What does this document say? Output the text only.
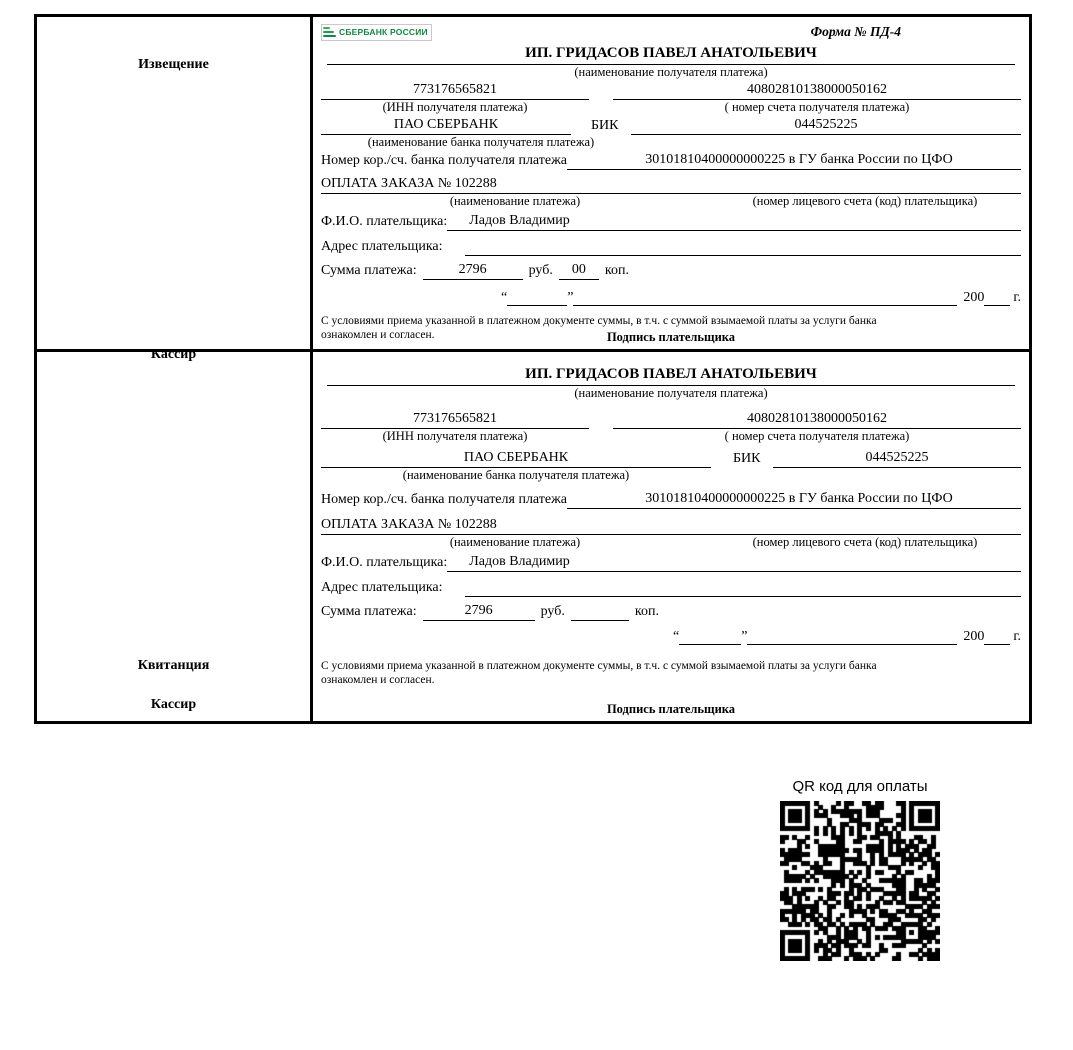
Извещение
Кассир
СБЕРБАНК РОССИИ	Форма № ПД-4
ИП. ГРИДАСОВ ПАВЕЛ АНАТОЛЬЕВИЧ
(наименование получателя платежа)
773176565821	40802810138000050162
(ИНН получателя платежа)	( номер счета получателя платежа)
ПАО СБЕРБАНК	БИК	044525225
(наименование банка получателя платежа)
Номер кор./сч. банка получателя платежа	30101810400000000225 в ГУ банка России по ЦФО
ОПЛАТА ЗАКАЗА № 102288

(наименование платежа)	(номер лицевого счета (код) плательщика)
Ф.И.О. плательщика:	Ладов Владимир
Адрес плательщика:
Сумма платежа:	2796	руб.	00	коп.
“	”	200 г.
С условиями приема указанной в платежном документе суммы, в т.ч. с суммой взымаемой платы за услуги банка
ознакомлен и согласен.	Подпись плательщика
Квитанция
Кассир
ИП. ГРИДАСОВ ПАВЕЛ АНАТОЛЬЕВИЧ
(наименование получателя платежа)
773176565821	40802810138000050162
(ИНН получателя платежа)	( номер счета получателя платежа)
ПАО СБЕРБАНК	БИК	044525225
(наименование банка получателя платежа)
Номер кор./сч. банка получателя платежа	30101810400000000225 в ГУ банка России по ЦФО
ОПЛАТА ЗАКАЗА № 102288

(наименование платежа)	(номер лицевого счета (код) плательщика)
Ф.И.О. плательщика:	Ладов Владимир
Адрес плательщика:
Сумма платежа:	2796	руб.	коп.
“	”	200 г.
С условиями приема указанной в платежном документе суммы, в т.ч. с суммой взымаемой платы за услуги банка
ознакомлен и согласен.
Подпись плательщика
QR код для оплаты
